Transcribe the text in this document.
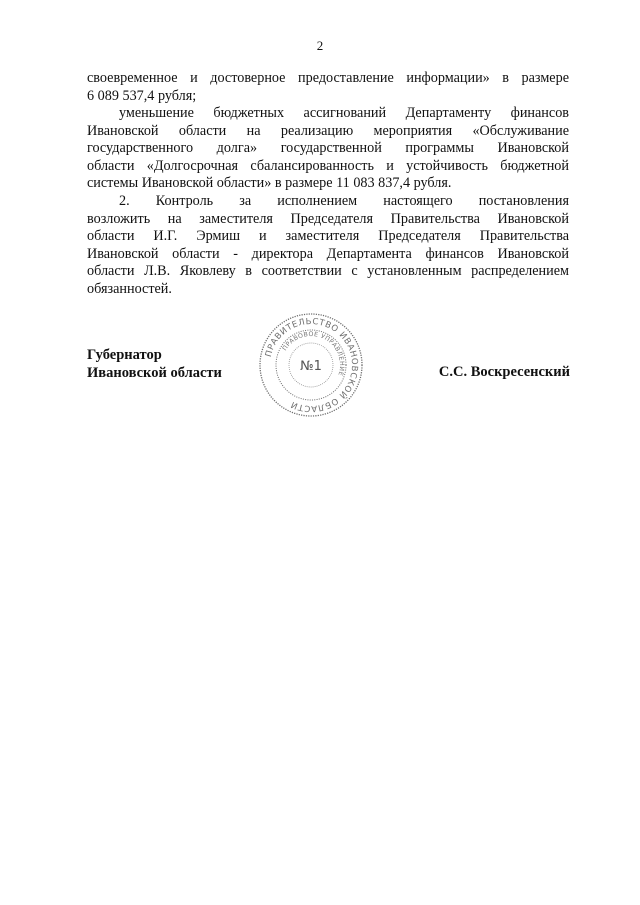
2

своевременное и достоверное предоставление информации» в размере

6 089 537,4 рубля;

уменьшение бюджетных ассигнований Департаменту финансов

Ивановской области на реализацию мероприятия «Обслуживание

государственного долга» государственной программы Ивановской

области «Долгосрочная сбалансированность и устойчивость бюджетной

системы Ивановской области» в размере 11 083 837,4 рубля.

2. Контроль за исполнением настоящего постановления

возложить на заместителя Председателя Правительства Ивановской

области И.Г. Эрмиш и заместителя Председателя Правительства

Ивановской области - директора Департамента финансов Ивановской

области Л.В. Яковлеву в соответствии с установленным распределением

обязанностей.

Губернатор
Ивановской области	С.С. Воскресенский
ПРАВИТЕЛЬСТВО ИВАНОВСКОЙ ОБЛАСТИ
ПРАВОВОЕ УПРАВЛЕНИЕ
№1
